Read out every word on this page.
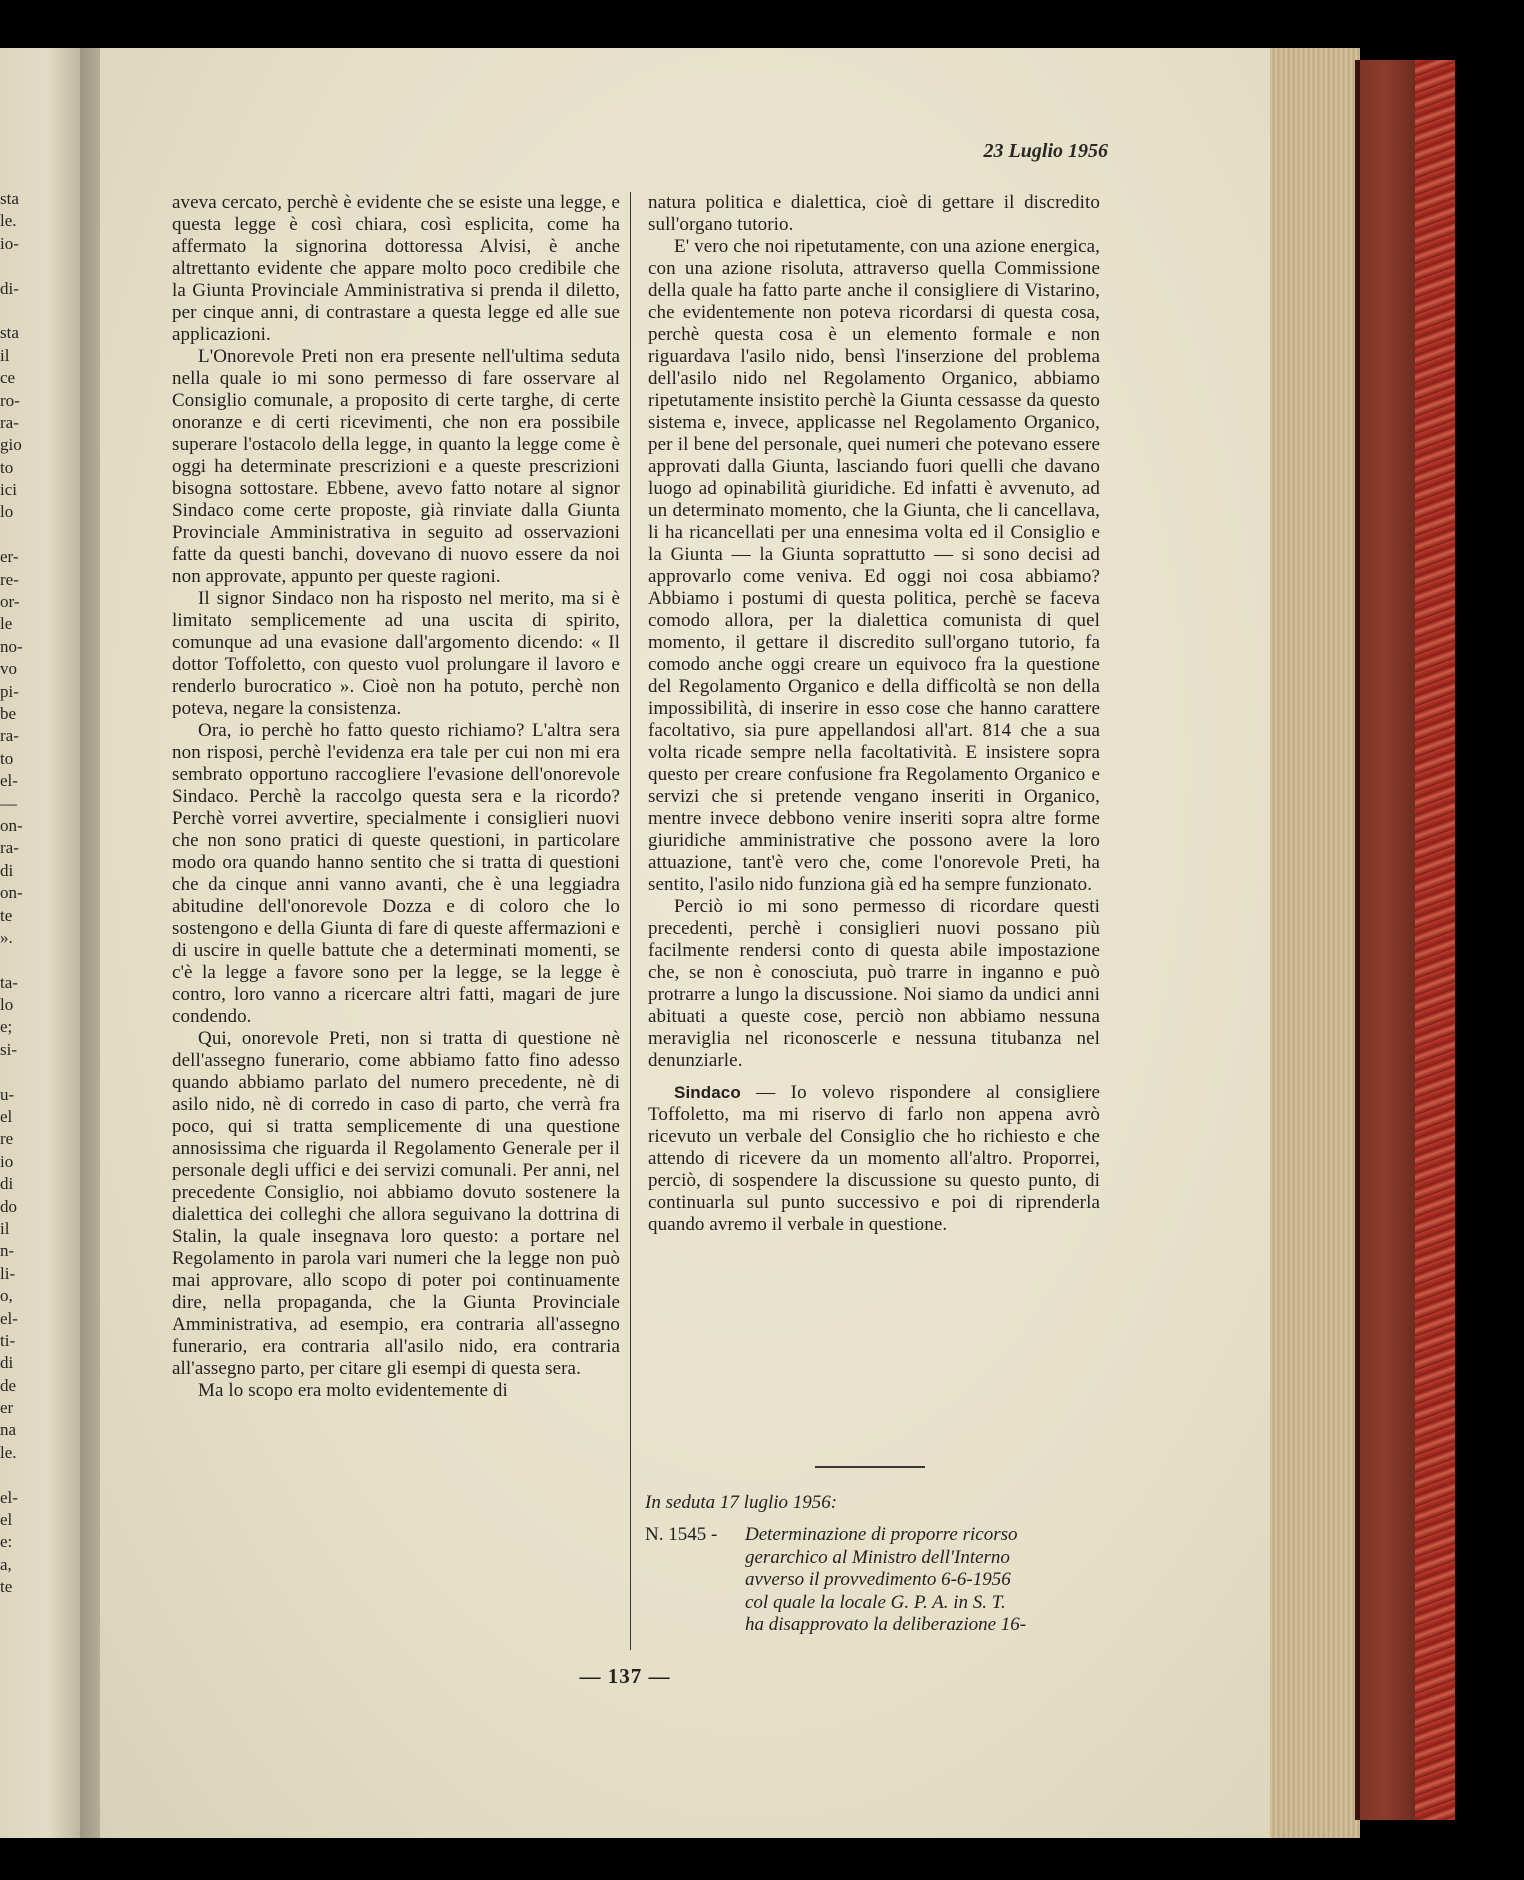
sta
le.
io-
di-
sta
il
ce
ro-
ra-
gio
to
ici
lo
er-
re-
or-
le
no-
vo
pi-
be
ra-
to
el-
—
on-
ra-
di
on-
te
».
ta-
lo
e;
si-
u-
el
re
io
di
do
il
n-
li-
o,
el-
ti-
di
de
er
na
le.
el-
el
e:
a,
te
23 Luglio 1956

aveva cercato, perchè è evidente che se esiste una legge, e questa legge è così chiara, così esplicita, come ha affermato la signorina dottoressa Alvisi, è anche altrettanto evidente che appare molto poco credibile che la Giunta Provinciale Amministrativa si prenda il diletto, per cinque anni, di contrastare a questa legge ed alle sue applicazioni.

L'Onorevole Preti non era presente nell'ultima seduta nella quale io mi sono permesso di fare osservare al Consiglio comunale, a proposito di certe targhe, di certe onoranze e di certi ricevimenti, che non era possibile superare l'ostacolo della legge, in quanto la legge come è oggi ha determinate prescrizioni e a queste prescrizioni bisogna sottostare. Ebbene, avevo fatto notare al signor Sindaco come certe proposte, già rinviate dalla Giunta Provinciale Amministrativa in seguito ad osservazioni fatte da questi banchi, dovevano di nuovo essere da noi non approvate, appunto per queste ragioni.

Il signor Sindaco non ha risposto nel merito, ma si è limitato semplicemente ad una uscita di spirito, comunque ad una evasione dall'argomento dicendo: « Il dottor Toffoletto, con questo vuol prolungare il lavoro e renderlo burocratico ». Cioè non ha potuto, perchè non poteva, negare la consistenza.

Ora, io perchè ho fatto questo richiamo? L'altra sera non risposi, perchè l'evidenza era tale per cui non mi era sembrato opportuno raccogliere l'evasione dell'onorevole Sindaco. Perchè la raccolgo questa sera e la ricordo? Perchè vorrei avvertire, specialmente i consiglieri nuovi che non sono pratici di queste questioni, in particolare modo ora quando hanno sentito che si tratta di questioni che da cinque anni vanno avanti, che è una leggiadra abitudine dell'onorevole Dozza e di coloro che lo sostengono e della Giunta di fare di queste affermazioni e di uscire in quelle battute che a determinati momenti, se c'è la legge a favore sono per la legge, se la legge è contro, loro vanno a ricercare altri fatti, magari de jure condendo.

Qui, onorevole Preti, non si tratta di questione nè dell'assegno funerario, come abbiamo fatto fino adesso quando abbiamo parlato del numero precedente, nè di asilo nido, nè di corredo in caso di parto, che verrà fra poco, qui si tratta semplicemente di una questione annosissima che riguarda il Regolamento Generale per il personale degli uffici e dei servizi comunali. Per anni, nel precedente Consiglio, noi abbiamo dovuto sostenere la dialettica dei colleghi che allora seguivano la dottrina di Stalin, la quale insegnava loro questo: a portare nel Regolamento in parola vari numeri che la legge non può mai approvare, allo scopo di poter poi continuamente dire, nella propaganda, che la Giunta Provinciale Amministrativa, ad esempio, era contraria all'assegno funerario, era contraria all'asilo nido, era contraria all'assegno parto, per citare gli esempi di questa sera.

Ma lo scopo era molto evidentemente di

natura politica e dialettica, cioè di gettare il discredito sull'organo tutorio.

E' vero che noi ripetutamente, con una azione energica, con una azione risoluta, attraverso quella Commissione della quale ha fatto parte anche il consigliere di Vistarino, che evidentemente non poteva ricordarsi di questa cosa, perchè questa cosa è un elemento formale e non riguardava l'asilo nido, bensì l'inserzione del problema dell'asilo nido nel Regolamento Organico, abbiamo ripetutamente insistito perchè la Giunta cessasse da questo sistema e, invece, applicasse nel Regolamento Organico, per il bene del personale, quei numeri che potevano essere approvati dalla Giunta, lasciando fuori quelli che davano luogo ad opinabilità giuridiche. Ed infatti è avvenuto, ad un determinato momento, che la Giunta, che li cancellava, li ha ricancellati per una ennesima volta ed il Consiglio e la Giunta — la Giunta soprattutto — si sono decisi ad approvarlo come veniva. Ed oggi noi cosa abbiamo? Abbiamo i postumi di questa politica, perchè se faceva comodo allora, per la dialettica comunista di quel momento, il gettare il discredito sull'organo tutorio, fa comodo anche oggi creare un equivoco fra la questione del Regolamento Organico e della difficoltà se non della impossibilità, di inserire in esso cose che hanno carattere facoltativo, sia pure appellandosi all'art. 814 che a sua volta ricade sempre nella facoltatività. E insistere sopra questo per creare confusione fra Regolamento Organico e servizi che si pretende vengano inseriti in Organico, mentre invece debbono venire inseriti sopra altre forme giuridiche amministrative che possono avere la loro attuazione, tant'è vero che, come l'onorevole Preti, ha sentito, l'asilo nido funziona già ed ha sempre funzionato.

Perciò io mi sono permesso di ricordare questi precedenti, perchè i consiglieri nuovi possano più facilmente rendersi conto di questa abile impostazione che, se non è conosciuta, può trarre in inganno e può protrarre a lungo la discussione. Noi siamo da undici anni abituati a queste cose, perciò non abbiamo nessuna meraviglia nel riconoscerle e nessuna titubanza nel denunziarle.

Sindaco — Io volevo rispondere al consigliere Toffoletto, ma mi riservo di farlo non appena avrò ricevuto un verbale del Consiglio che ho richiesto e che attendo di ricevere da un momento all'altro. Proporrei, perciò, di sospendere la discussione su questo punto, di continuarla sul punto successivo e poi di riprenderla quando avremo il verbale in questione.

In seduta 17 luglio 1956:
N. 1545 -	Determinazione di proporre ricorso
gerarchico al Ministro dell'Interno
avverso il provvedimento 6-6-1956
col quale la locale G. P. A. in S. T.
ha disapprovato la deliberazione 16-
— 137 —
